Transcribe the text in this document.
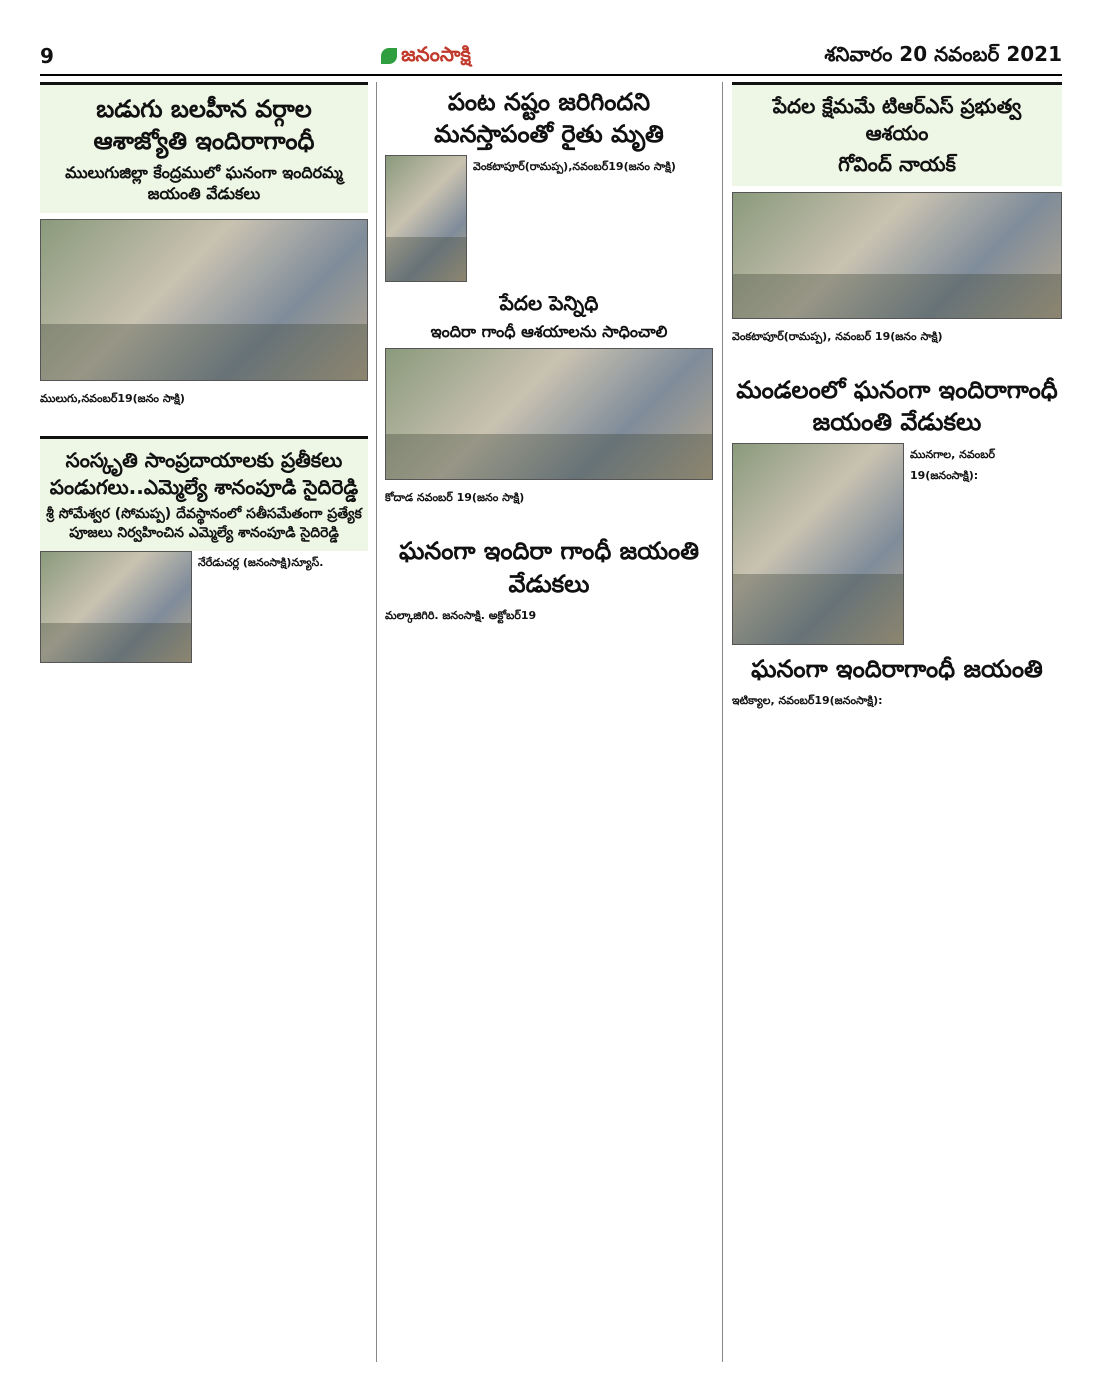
9	జనంసాక్షి	శనివారం 20 నవంబర్ 2021
బడుగు బలహీన వర్గాల ఆశాజ్యోతి ఇందిరాగాంధీ
ములుగుజిల్లా కేంద్రములో ఘనంగా ఇందిరమ్మ జయంతి వేడుకలు
ములుగు,నవంబర్19(జనం సాక్షి)

సంస్కృతి సాంప్రదాయాలకు ప్రతీకలు పండుగలు..ఎమ్మెల్యే శానంపూడి సైదిరెడ్డి
శ్రీ సోమేశ్వర (సోమప్ప) దేవస్థానంలో సతీసమేతంగా ప్రత్యేక పూజలు నిర్వహించిన ఎమ్మెల్యే శానంపూడి సైదిరెడ్డి
నేరేడుచర్ల (జనంసాక్షి)న్యూస్.

పంట నష్టం జరిగిందని మనస్తాపంతో రైతు మృతి
వెంకటాపూర్(రామప్ప),నవంబర్19(జనం సాక్షి)

పేదల పెన్నిధి
ఇందిరా గాంధీ ఆశయాలను సాధించాలి
కోదాడ నవంబర్ 19(జనం సాక్షి)

ఘనంగా ఇందిరా గాంధీ జయంతి వేడుకలు
మల్కాజిగిరి. జనంసాక్షి. అక్టోబర్19

పేదల క్షేమమే టిఆర్ఎస్ ప్రభుత్వ ఆశయం
గోవింద్ నాయక్
వెంకటాపూర్(రామప్ప), నవంబర్ 19(జనం సాక్షి)

మండలంలో ఘనంగా ఇందిరాగాంధీ జయంతి వేడుకలు
మునగాల, నవంబర్ 19(జనంసాక్షి):

ఘనంగా ఇందిరాగాంధీ జయంతి
ఇటిక్యాల, నవంబర్19(జనంసాక్షి):
